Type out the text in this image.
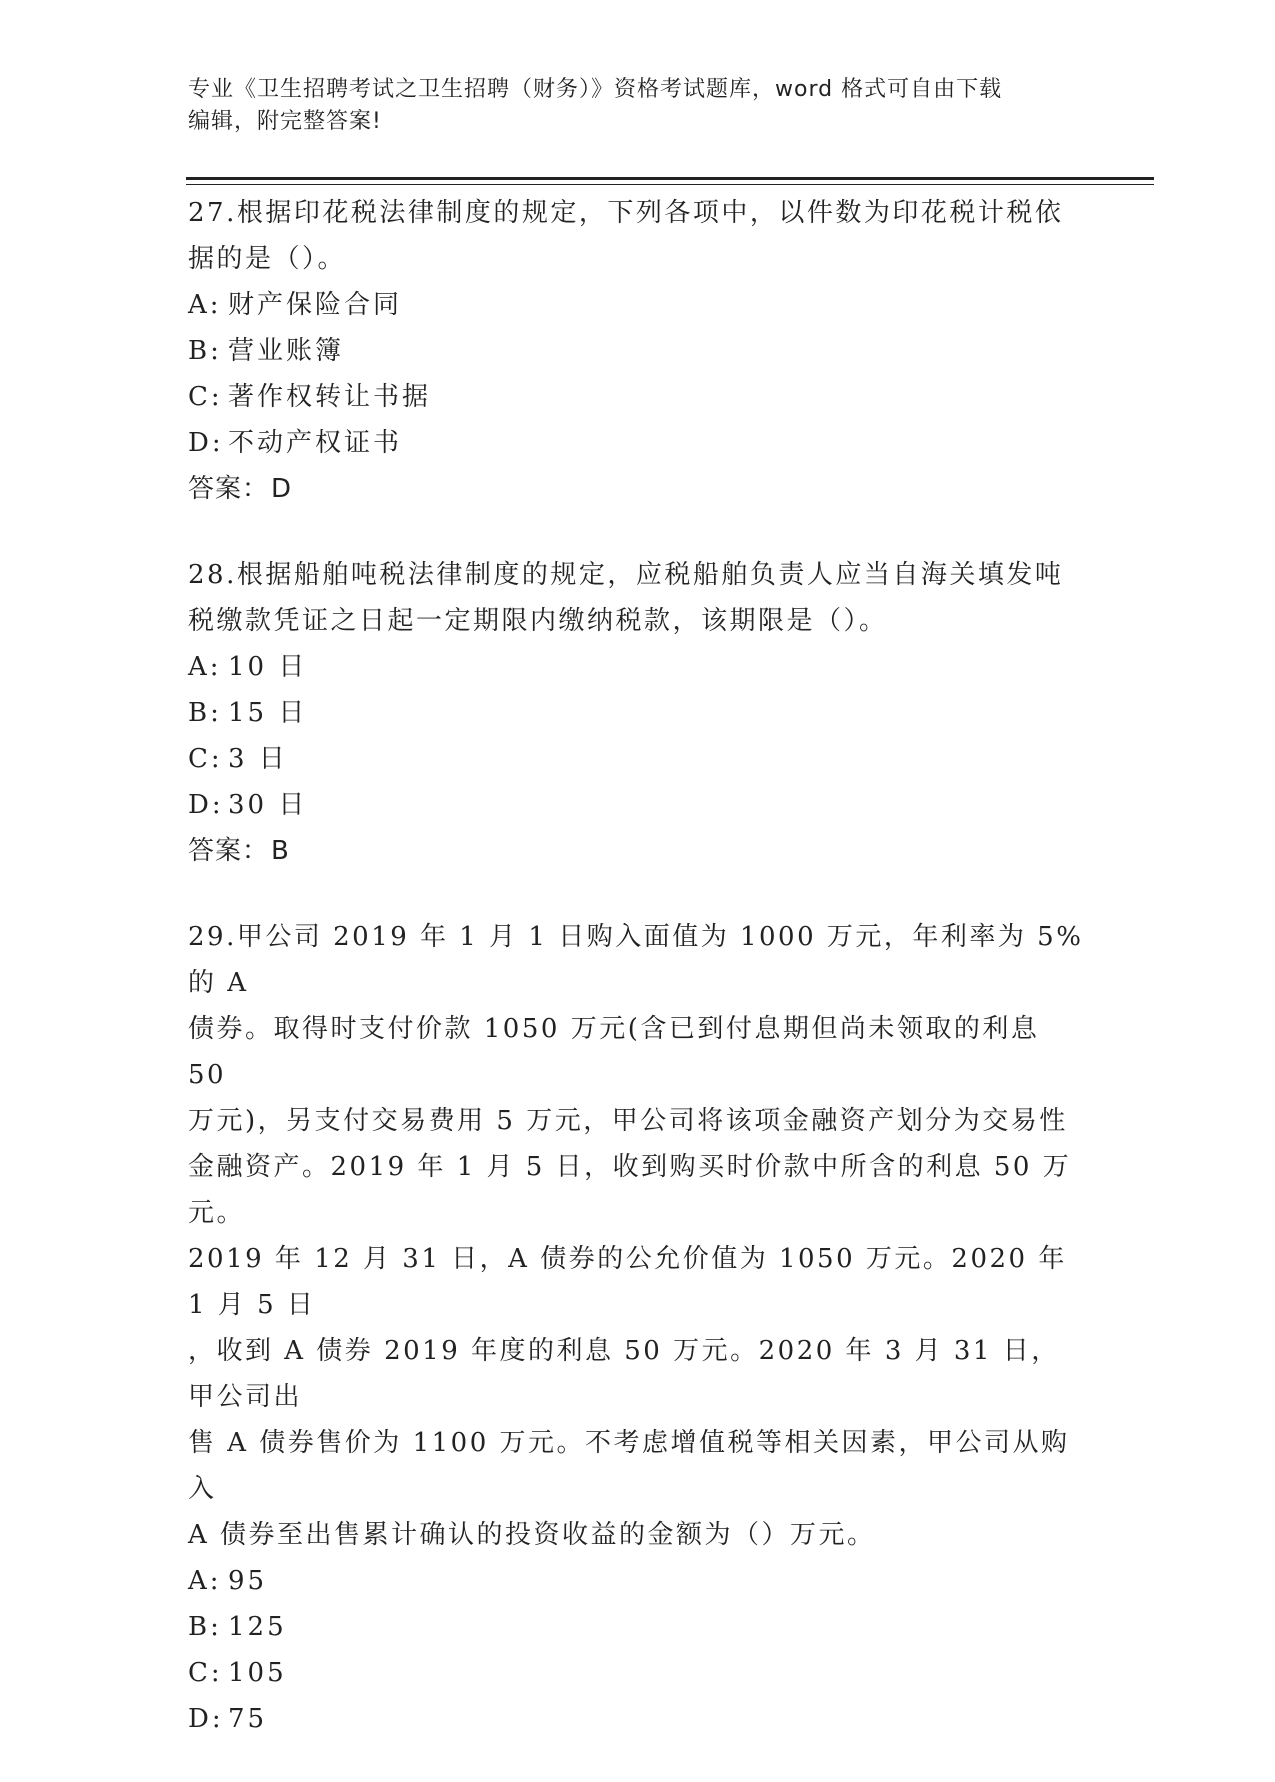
专业《卫生招聘考试之卫生招聘（财务）》资格考试题库，word 格式可自由下载
编辑，附完整答案!

27.根据印花税法律制度的规定，下列各项中，以件数为印花税计税依

据的是（）。

A: 财产保险合同

B: 营业账簿

C: 著作权转让书据

D: 不动产权证书

答案：D

28.根据船舶吨税法律制度的规定，应税船舶负责人应当自海关填发吨

税缴款凭证之日起一定期限内缴纳税款，该期限是（）。

A: 10 日

B: 15 日

C: 3 日

D: 30 日

答案：B

29.甲公司 2019 年 1 月 1 日购入面值为 1000 万元，年利率为 5%的 A

债券。取得时支付价款 1050 万元(含已到付息期但尚未领取的利息 50

万元)，另支付交易费用 5 万元，甲公司将该项金融资产划分为交易性

金融资产。2019 年 1 月 5 日，收到购买时价款中所含的利息 50 万元。

2019 年 12 月 31 日，A 债券的公允价值为 1050 万元。2020 年 1 月 5 日

，收到 A 债券 2019 年度的利息 50 万元。2020 年 3 月 31 日，甲公司出

售 A 债券售价为 1100 万元。不考虑增值税等相关因素，甲公司从购入

A 债券至出售累计确认的投资收益的金额为（）万元。

A: 95

B: 125

C: 105

D: 75
